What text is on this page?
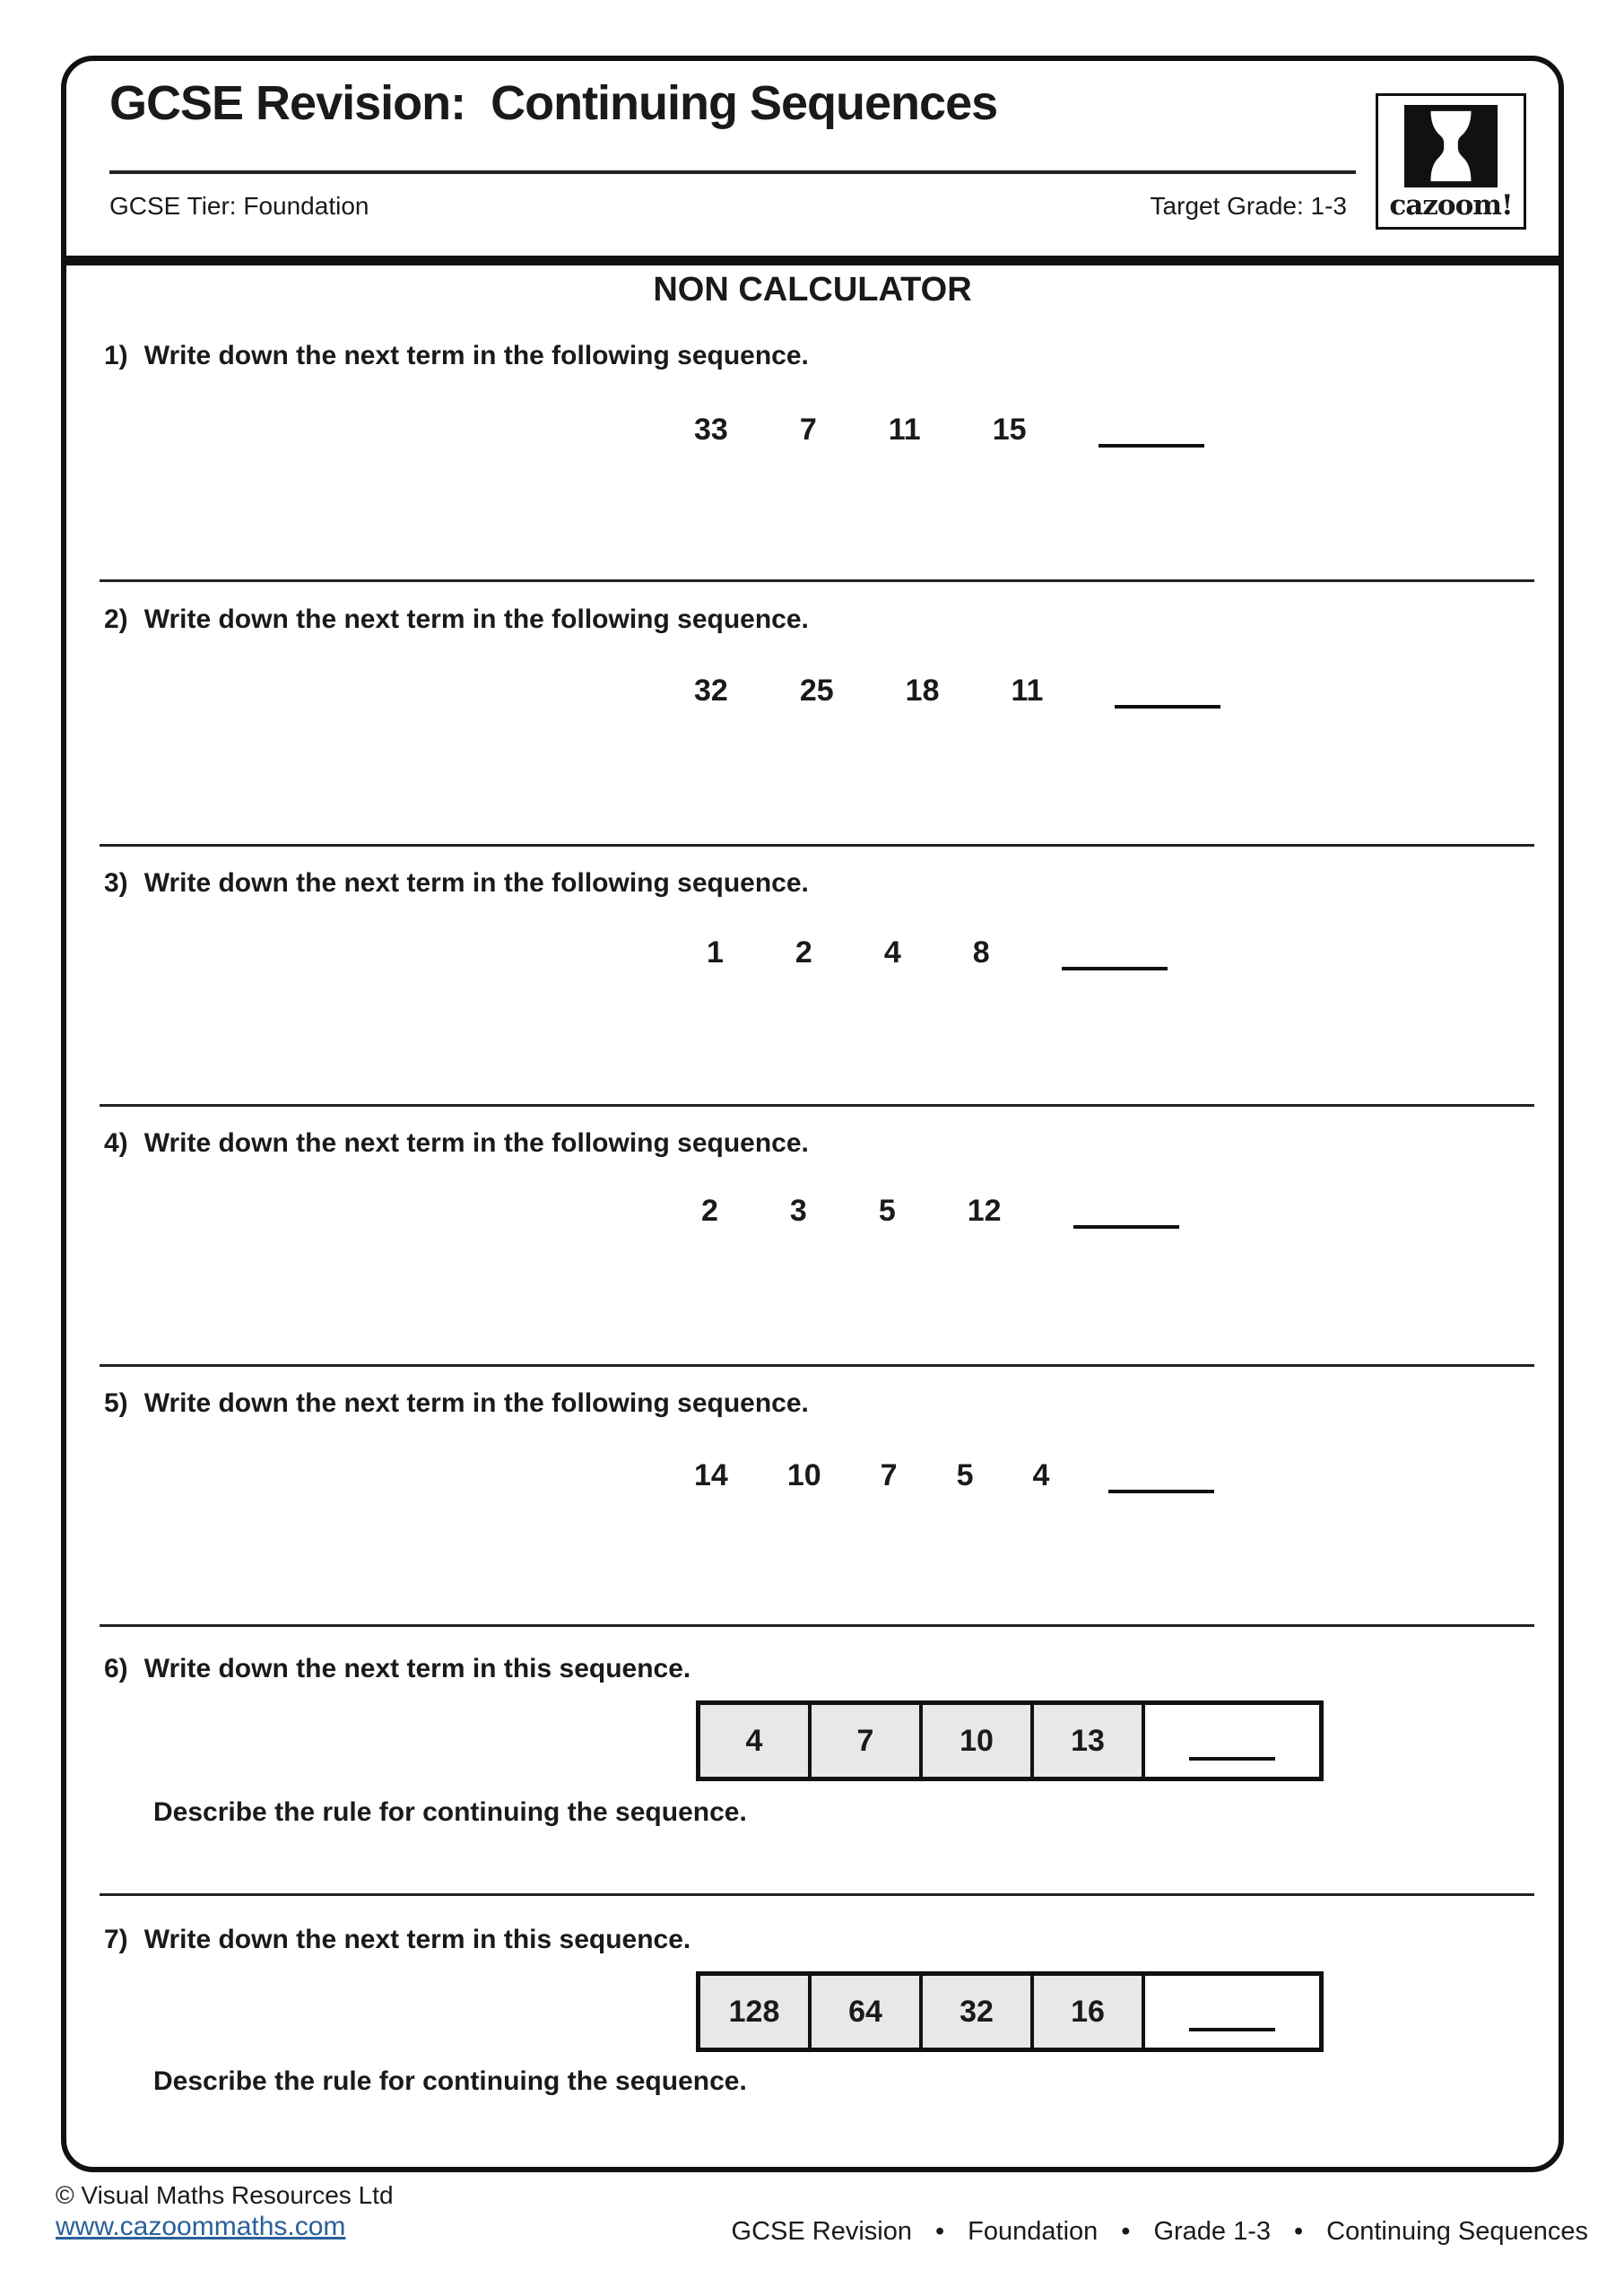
GCSE Revision:  Continuing Sequences
GCSE Tier: Foundation	Target Grade: 1-3 cazoom!
NON CALCULATOR
1) Write down the next term in the following sequence.
33 7 11 15
2) Write down the next term in the following sequence.
32 25 18 11
3) Write down the next term in the following sequence.
1 2 4 8
4) Write down the next term in the following sequence.
2 3 5 12
5) Write down the next term in the following sequence.
14 10 7 5 4
6) Write down the next term in this sequence.
4	7	10	13
Describe the rule for continuing the sequence.
7) Write down the next term in this sequence.
128	64	32	16
Describe the rule for continuing the sequence.
© Visual Maths Resources Ltd
www.cazoommaths.com	GCSE Revision • Foundation • Grade 1-3 • Continuing Sequences
